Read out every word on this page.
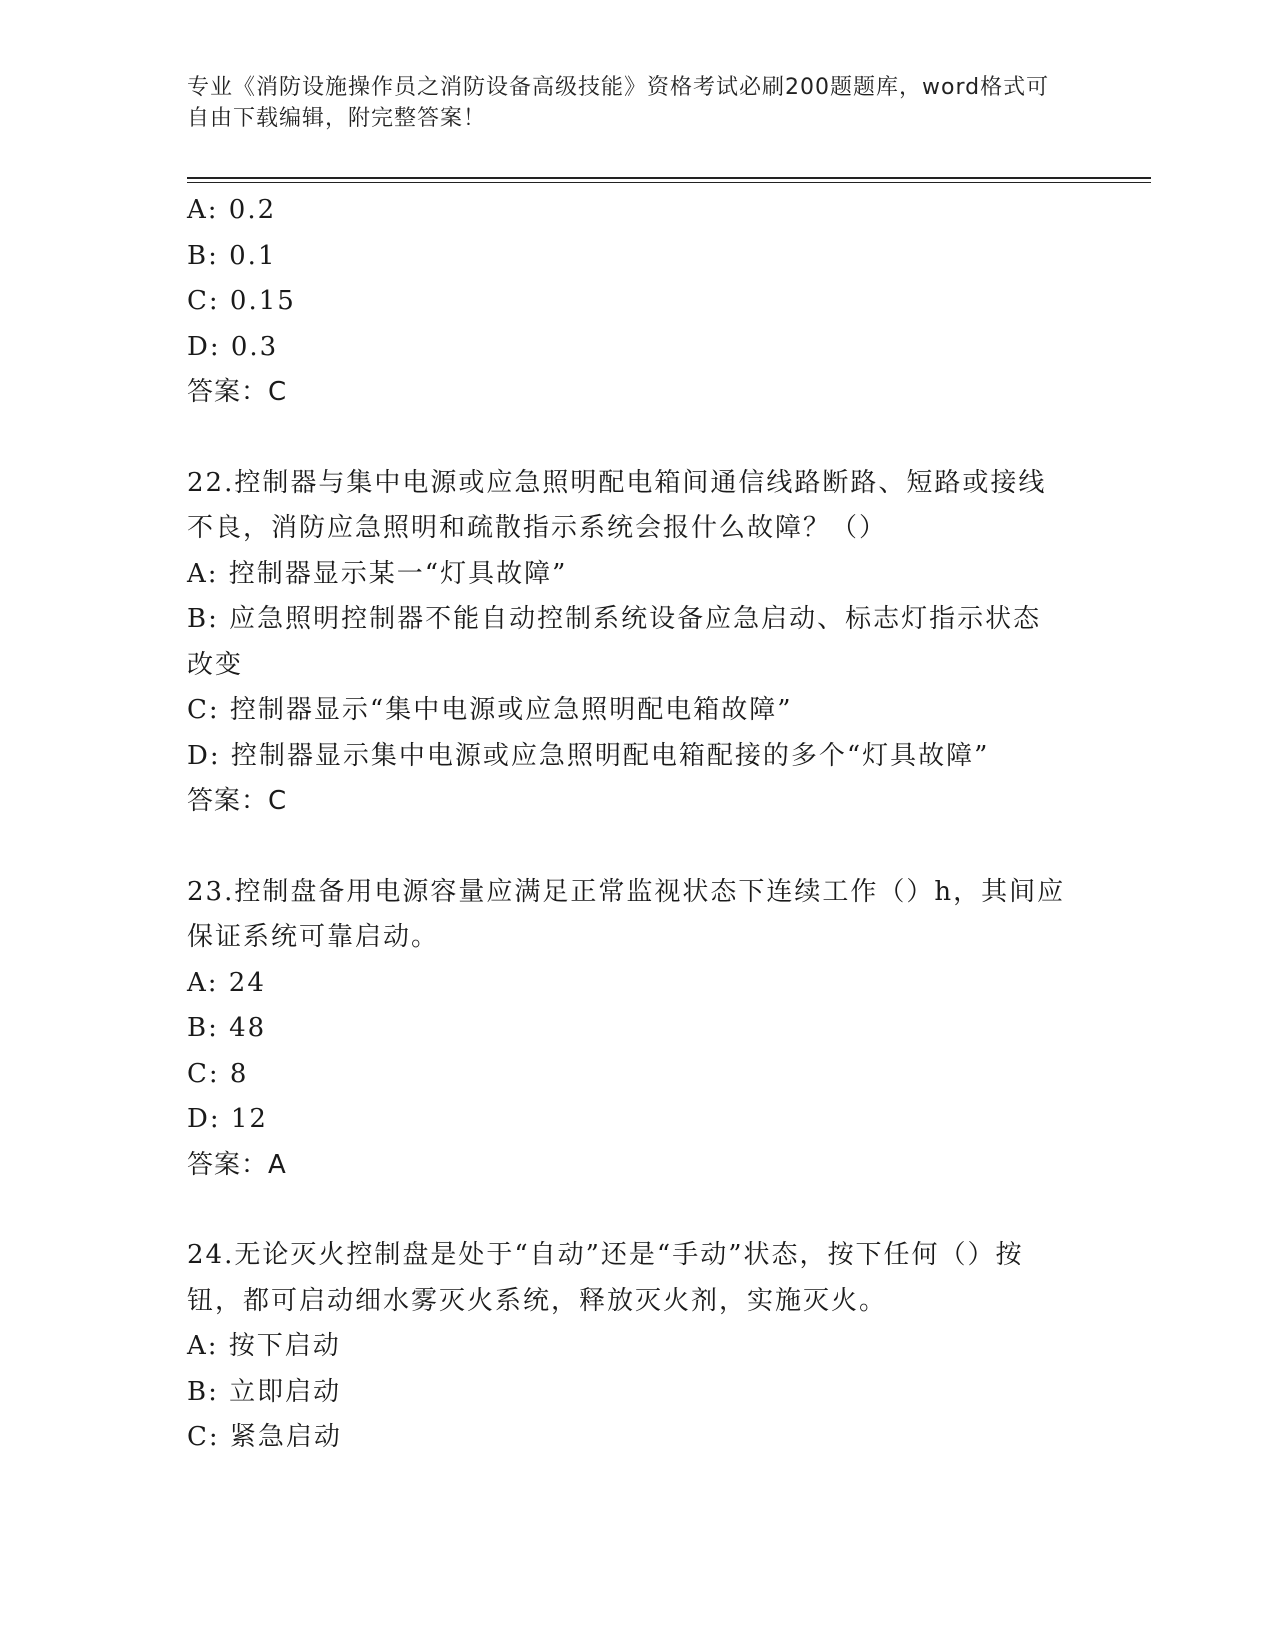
专业《消防设施操作员之消防设备高级技能》资格考试必刷200题题库，word格式可自由下载编辑，附完整答案！
A: 0.2
B: 0.1
C: 0.15
D: 0.3
答案：C
22.控制器与集中电源或应急照明配电箱间通信线路断路、短路或接线不良，消防应急照明和疏散指示系统会报什么故障？（）
A: 控制器显示某一“灯具故障”
B: 应急照明控制器不能自动控制系统设备应急启动、标志灯指示状态改变
C: 控制器显示“集中电源或应急照明配电箱故障”
D: 控制器显示集中电源或应急照明配电箱配接的多个“灯具故障”
答案：C
23.控制盘备用电源容量应满足正常监视状态下连续工作（）h，其间应保证系统可靠启动。
A: 24
B: 48
C: 8
D: 12
答案：A
24.无论灭火控制盘是处于“自动”还是“手动”状态，按下任何（）按钮，都可启动细水雾灭火系统，释放灭火剂，实施灭火。
A: 按下启动
B: 立即启动
C: 紧急启动
